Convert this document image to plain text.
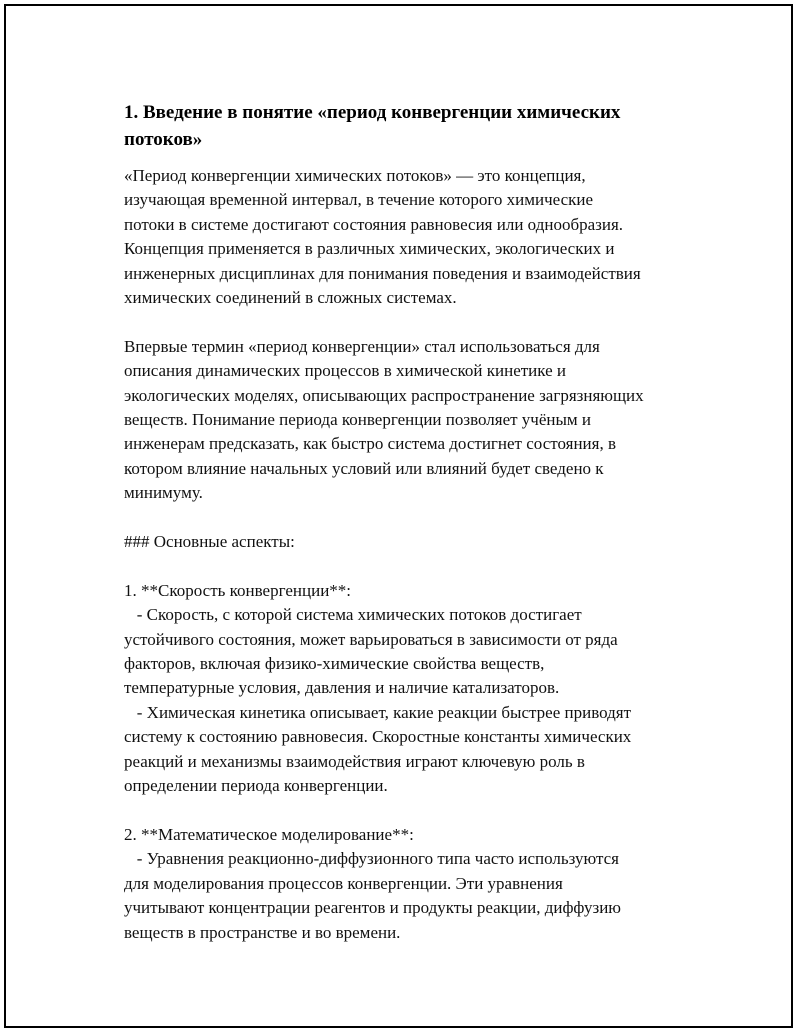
1. Введение в понятие «период конвергенции химических потоков»
«Период конвергенции химических потоков» — это концепция,
изучающая временной интервал, в течение которого химические
потоки в системе достигают состояния равновесия или однообразия.
Концепция применяется в различных химических, экологических и
инженерных дисциплинах для понимания поведения и взаимодействия
химических соединений в сложных системах.
Впервые термин «период конвергенции» стал использоваться для
описания динамических процессов в химической кинетике и
экологических моделях, описывающих распространение загрязняющих
веществ. Понимание периода конвергенции позволяет учёным и
инженерам предсказать, как быстро система достигнет состояния, в
котором влияние начальных условий или влияний будет сведено к
минимуму.
### Основные аспекты:
1. **Скорость конвергенции**:
- Скорость, с которой система химических потоков достигает
устойчивого состояния, может варьироваться в зависимости от ряда
факторов, включая физико-химические свойства веществ,
температурные условия, давления и наличие катализаторов.
- Химическая кинетика описывает, какие реакции быстрее приводят
систему к состоянию равновесия. Скоростные константы химических
реакций и механизмы взаимодействия играют ключевую роль в
определении периода конвергенции.
2. **Математическое моделирование**:
- Уравнения реакционно-диффузионного типа часто используются
для моделирования процессов конвергенции. Эти уравнения
учитывают концентрации реагентов и продукты реакции, диффузию
веществ в пространстве и во времени.
